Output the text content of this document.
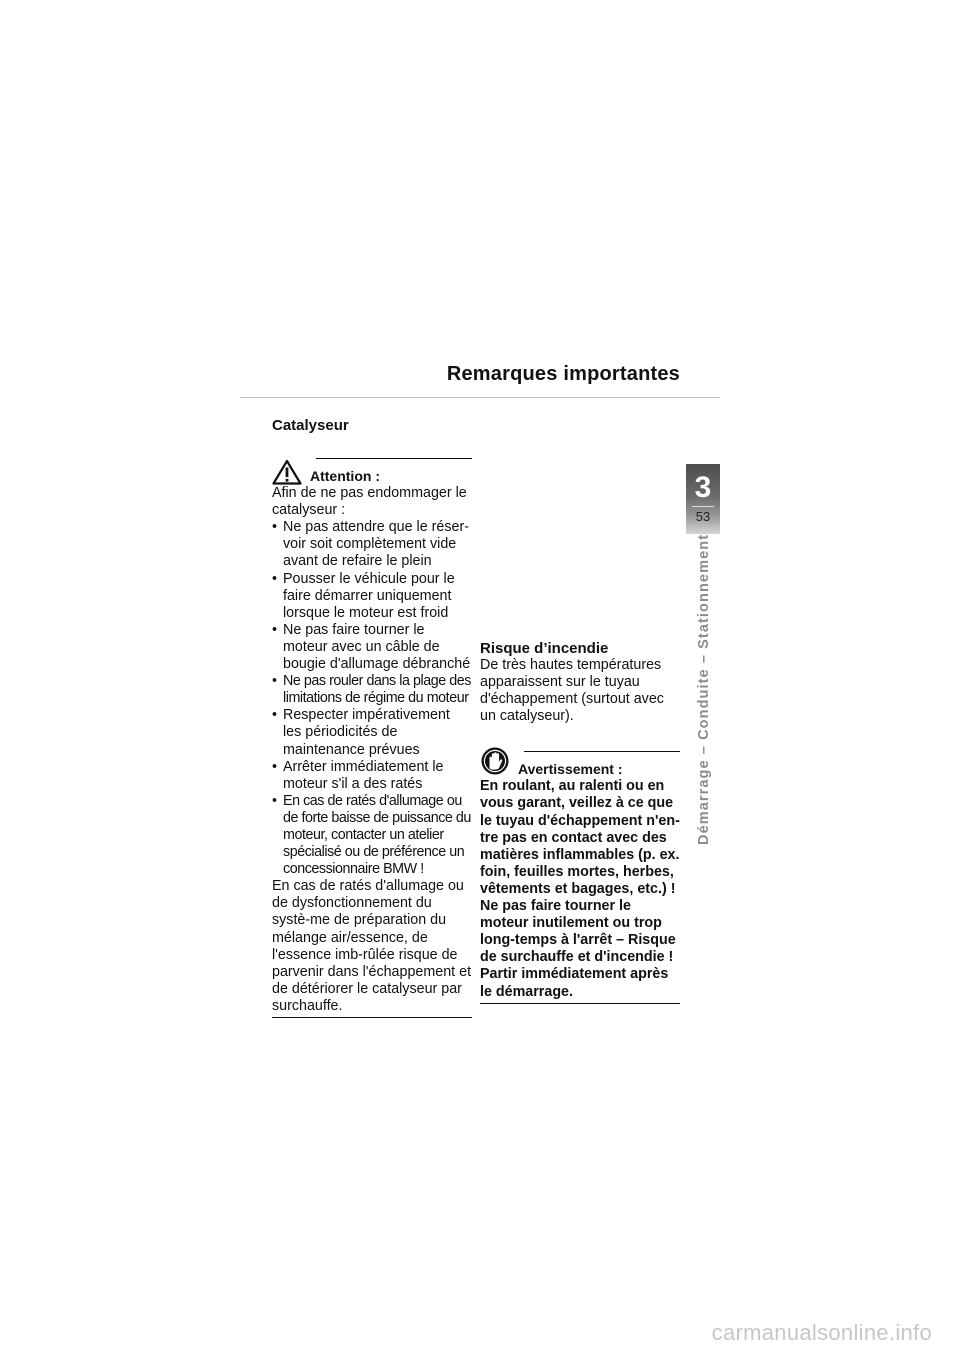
Remarques importantes
Catalyseur
Attention :

Afin de ne pas endommager le catalyseur :

• Ne pas attendre que le réser-voir soit complètement vide avant de refaire le plein
• Pousser le véhicule pour le faire démarrer uniquement lorsque le moteur est froid
• Ne pas faire tourner le moteur avec un câble de bougie d'allumage débranché
• Ne pas rouler dans la plage des limitations de régime du moteur
• Respecter impérativement les périodicités de maintenance prévues
• Arrêter immédiatement le moteur s'il a des ratés
• En cas de ratés d'allumage ou de forte baisse de puissance du moteur, contacter un atelier spécialisé ou de préférence un concessionnaire BMW !

En cas de ratés d'allumage ou de dysfonctionnement du systè-me de préparation du mélange air/essence, de l'essence imb-rûlée risque de parvenir dans l'échappement et de détériorer le catalyseur par surchauffe.

Risque d’incendie

De très hautes températures apparaissent sur le tuyau d'échappement (surtout avec un catalyseur).

Avertissement :

En roulant, au ralenti ou en vous garant, veillez à ce que le tuyau d'échappement n'en-tre pas en contact avec des matières inflammables (p. ex. foin, feuilles mortes, herbes, vêtements et bagages, etc.) ! Ne pas faire tourner le moteur inutilement ou trop long-temps à l'arrêt – Risque de surchauffe et d'incendie ! Partir immédiatement après le démarrage.

3
53
Démarrage – Conduite – Stationnement
carmanualsonline.info
